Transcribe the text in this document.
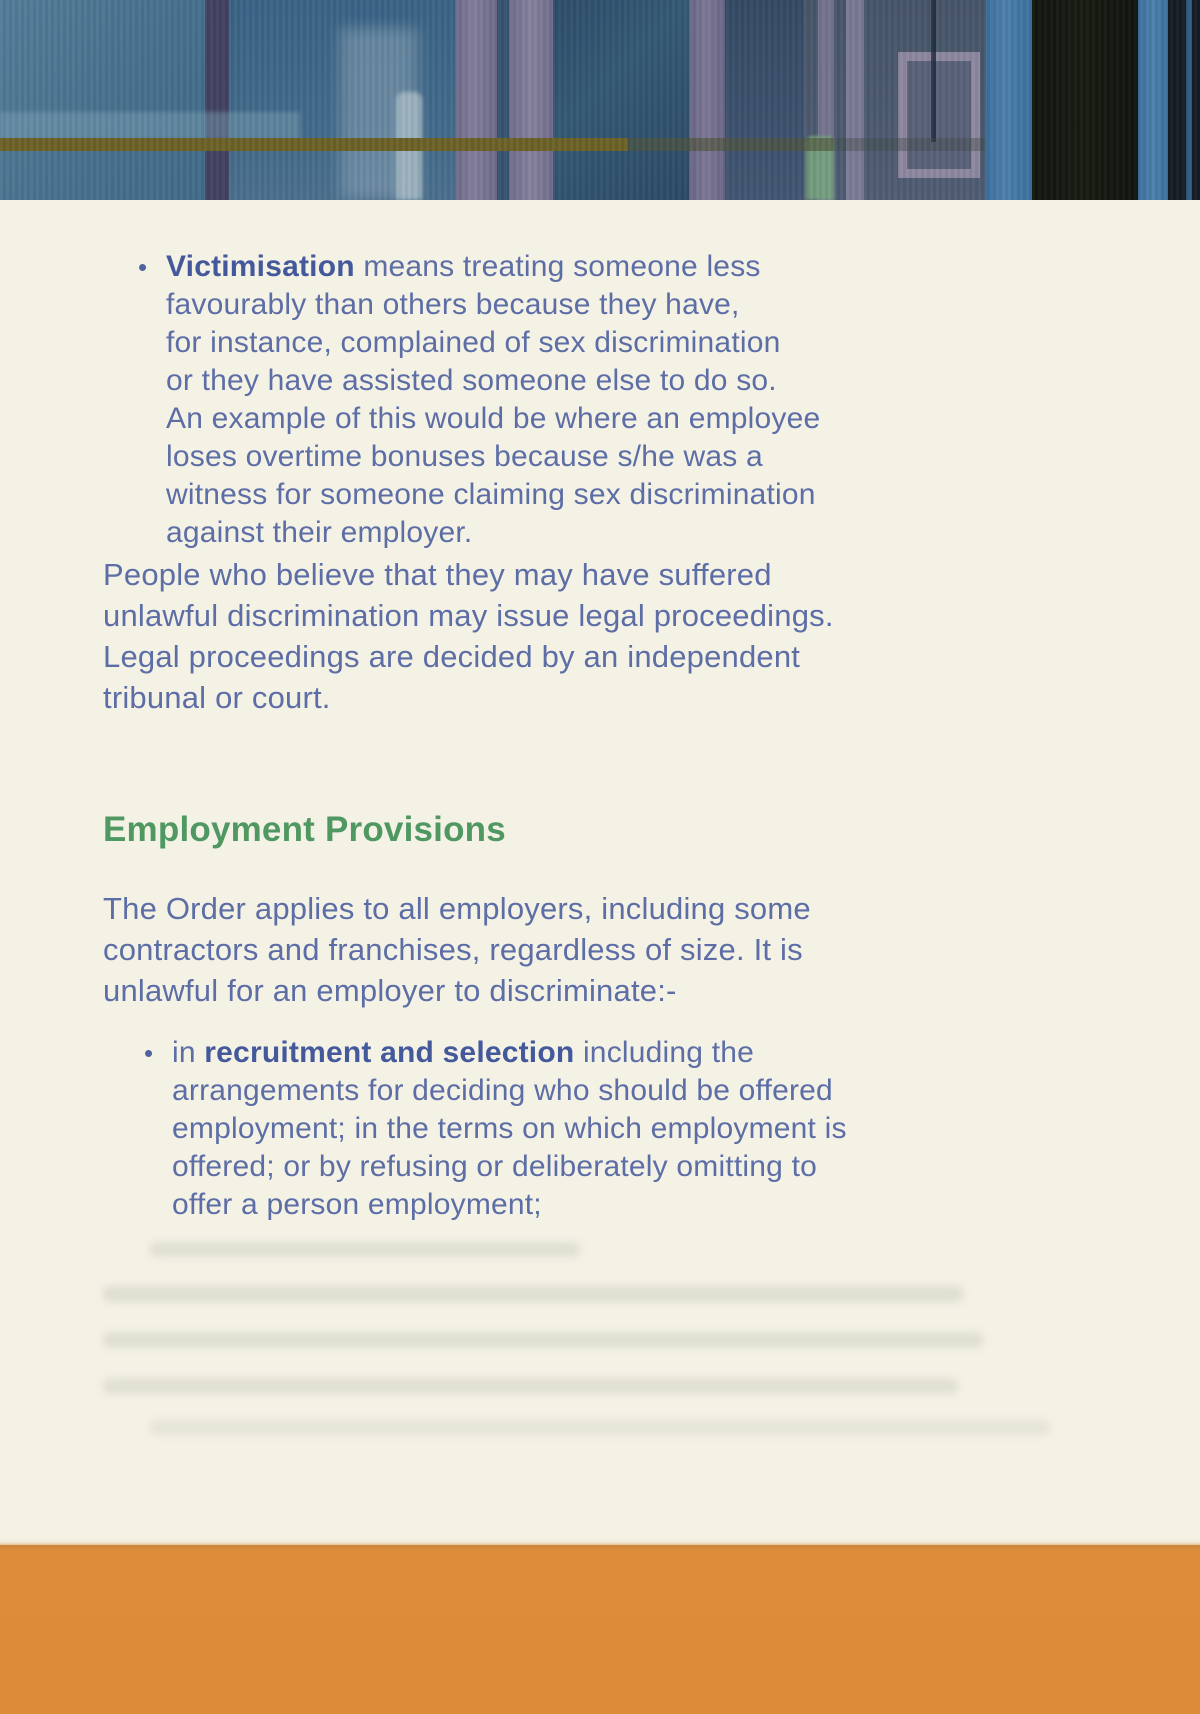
• Victimisation means treating someone less
favourably than others because they have,
for instance, complained of sex discrimination
or they have assisted someone else to do so.
An example of this would be where an employee
loses overtime bonuses because s/he was a
witness for someone claiming sex discrimination
against their employer.
People who believe that they may have suffered
unlawful discrimination may issue legal proceedings.
Legal proceedings are decided by an independent
tribunal or court.
Employment Provisions
The Order applies to all employers, including some
contractors and franchises, regardless of size. It is
unlawful for an employer to discriminate:-
• in recruitment and selection including the
arrangements for deciding who should be offered
employment; in the terms on which employment is
offered; or by refusing or deliberately omitting to
offer a person employment;
